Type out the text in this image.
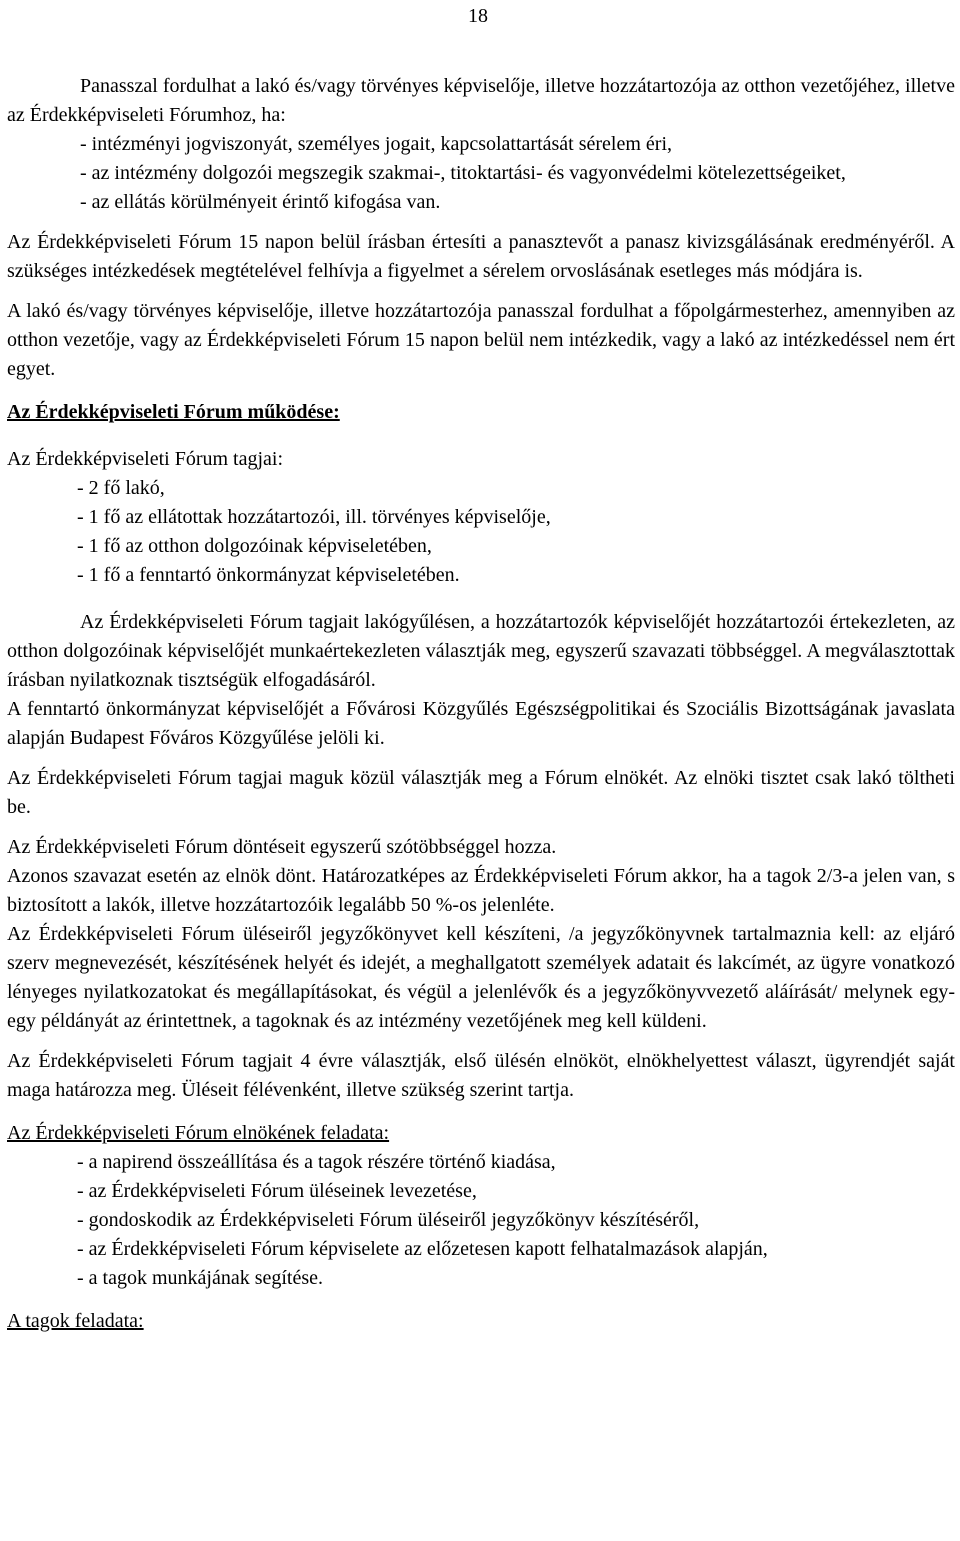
18

Panasszal fordulhat a lakó és/vagy törvényes képviselője, illetve hozzátartozója az otthon vezetőjéhez, illetve az Érdekképviseleti Fórumhoz, ha:

- intézményi jogviszonyát, személyes jogait, kapcsolattartását sérelem éri,

- az intézmény dolgozói megszegik szakmai-, titoktartási- és vagyonvédelmi kötelezettségeiket,

- az ellátás körülményeit érintő kifogása van.

Az Érdekképviseleti Fórum 15 napon belül írásban értesíti a panasztevőt a panasz kivizsgálásának eredményéről. A szükséges intézkedések megtételével felhívja a figyelmet a sérelem orvoslásának esetleges más módjára is.

A lakó és/vagy törvényes képviselője, illetve hozzátartozója panasszal fordulhat a főpolgármesterhez, amennyiben az otthon vezetője, vagy az Érdekképviseleti Fórum 15 napon belül nem intézkedik, vagy a lakó az intézkedéssel nem ért egyet.

Az Érdekképviseleti Fórum működése:

Az Érdekképviseleti Fórum tagjai:

- 2 fő lakó,
- 1 fő az ellátottak hozzátartozói, ill. törvényes képviselője,
- 1 fő az otthon dolgozóinak képviseletében,
- 1 fő a fenntartó önkormányzat képviseletében.

Az Érdekképviseleti Fórum tagjait lakógyűlésen, a hozzátartozók képviselőjét hozzátartozói értekezleten, az otthon dolgozóinak képviselőjét munkaértekezleten választják meg, egyszerű szavazati többséggel. A megválasztottak írásban nyilatkoznak tisztségük elfogadásáról.

A fenntartó önkormányzat képviselőjét a Fővárosi Közgyűlés Egészségpolitikai és Szociális Bizottságának javaslata alapján Budapest Főváros Közgyűlése jelöli ki.

Az Érdekképviseleti Fórum tagjai maguk közül választják meg a Fórum elnökét. Az elnöki tisztet csak lakó töltheti be.

Az Érdekképviseleti Fórum döntéseit egyszerű szótöbbséggel hozza.

Azonos szavazat esetén az elnök dönt. Határozatképes az Érdekképviseleti Fórum akkor, ha a tagok 2/3-a jelen van, s biztosított a lakók, illetve hozzátartozóik legalább 50 %-os jelenléte.

Az Érdekképviseleti Fórum üléseiről jegyzőkönyvet kell készíteni, /a jegyzőkönyvnek tartalmaznia kell: az eljáró szerv megnevezését, készítésének helyét és idejét, a meghallgatott személyek adatait és lakcímét, az ügyre vonatkozó lényeges nyilatkozatokat és megállapításokat, és végül a jelenlévők és a jegyzőkönyvvezető aláírását/ melynek egy-egy példányát az érintettnek, a tagoknak és az intézmény vezetőjének meg kell küldeni.

Az Érdekképviseleti Fórum tagjait 4 évre választják, első ülésén elnököt, elnökhelyettest választ, ügyrendjét saját maga határozza meg. Üléseit félévenként, illetve szükség szerint tartja.

Az Érdekképviseleti Fórum elnökének feladata:

- a napirend összeállítása és a tagok részére történő kiadása,
- az Érdekképviseleti Fórum üléseinek levezetése,
- gondoskodik az Érdekképviseleti Fórum üléseiről jegyzőkönyv készítéséről,
- az Érdekképviseleti Fórum képviselete az előzetesen kapott felhatalmazások alapján,
- a tagok munkájának segítése.

A tagok feladata:
